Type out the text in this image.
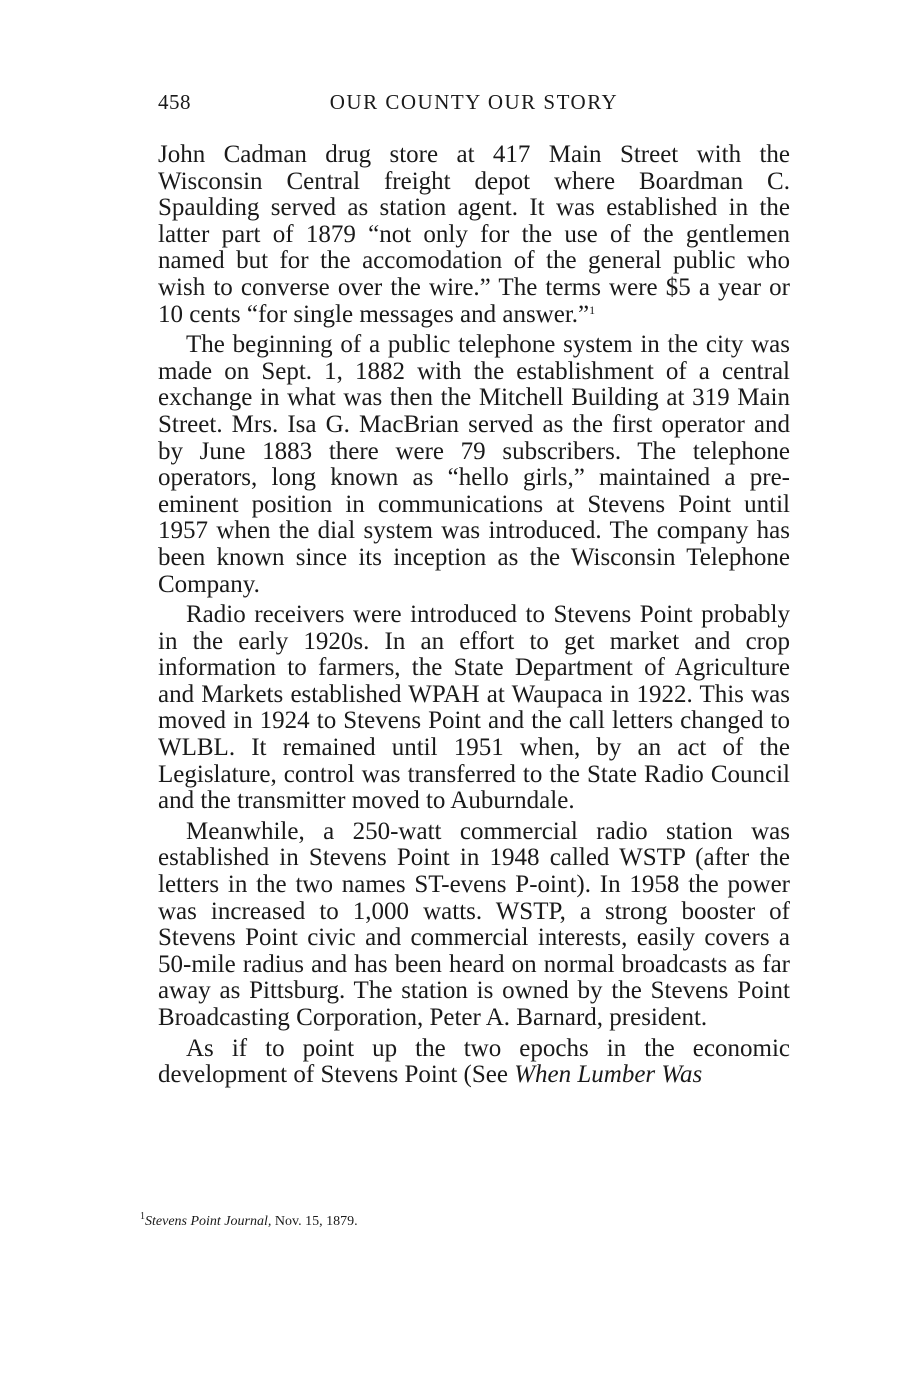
458	OUR COUNTY OUR STORY

John Cadman drug store at 417 Main Street with the Wisconsin Central freight depot where Boardman C. Spaulding served as station agent. It was established in the latter part of 1879 “not only for the use of the gentlemen named but for the accomodation of the general public who wish to converse over the wire.” The terms were $5 a year or 10 cents “for single messages and answer.”$^1$

The beginning of a public telephone system in the city was made on Sept. 1, 1882 with the establishment of a central exchange in what was then the Mitchell Building at 319 Main Street. Mrs. Isa G. MacBrian served as the first operator and by June 1883 there were 79 subscribers. The telephone operators, long known as “hello girls,” maintained a pre-eminent position in communications at Stevens Point until 1957 when the dial system was introduced. The company has been known since its inception as the Wisconsin Telephone Company.

Radio receivers were introduced to Stevens Point probably in the early 1920s. In an effort to get market and crop information to farmers, the State Department of Agriculture and Markets established WPAH at Waupaca in 1922. This was moved in 1924 to Stevens Point and the call letters changed to WLBL. It remained until 1951 when, by an act of the Legislature, control was transferred to the State Radio Council and the transmitter moved to Auburndale.

Meanwhile, a 250-watt commercial radio station was established in Stevens Point in 1948 called WSTP (after the letters in the two names ST-evens P-oint). In 1958 the power was increased to 1,000 watts. WSTP, a strong booster of Stevens Point civic and commercial interests, easily covers a 50-mile radius and has been heard on normal broadcasts as far away as Pittsburg. The station is owned by the Stevens Point Broadcasting Corporation, Peter A. Barnard, president.

As if to point up the two epochs in the economic development of Stevens Point (See When Lumber Was

$^1$Stevens Point Journal, Nov. 15, 1879.
